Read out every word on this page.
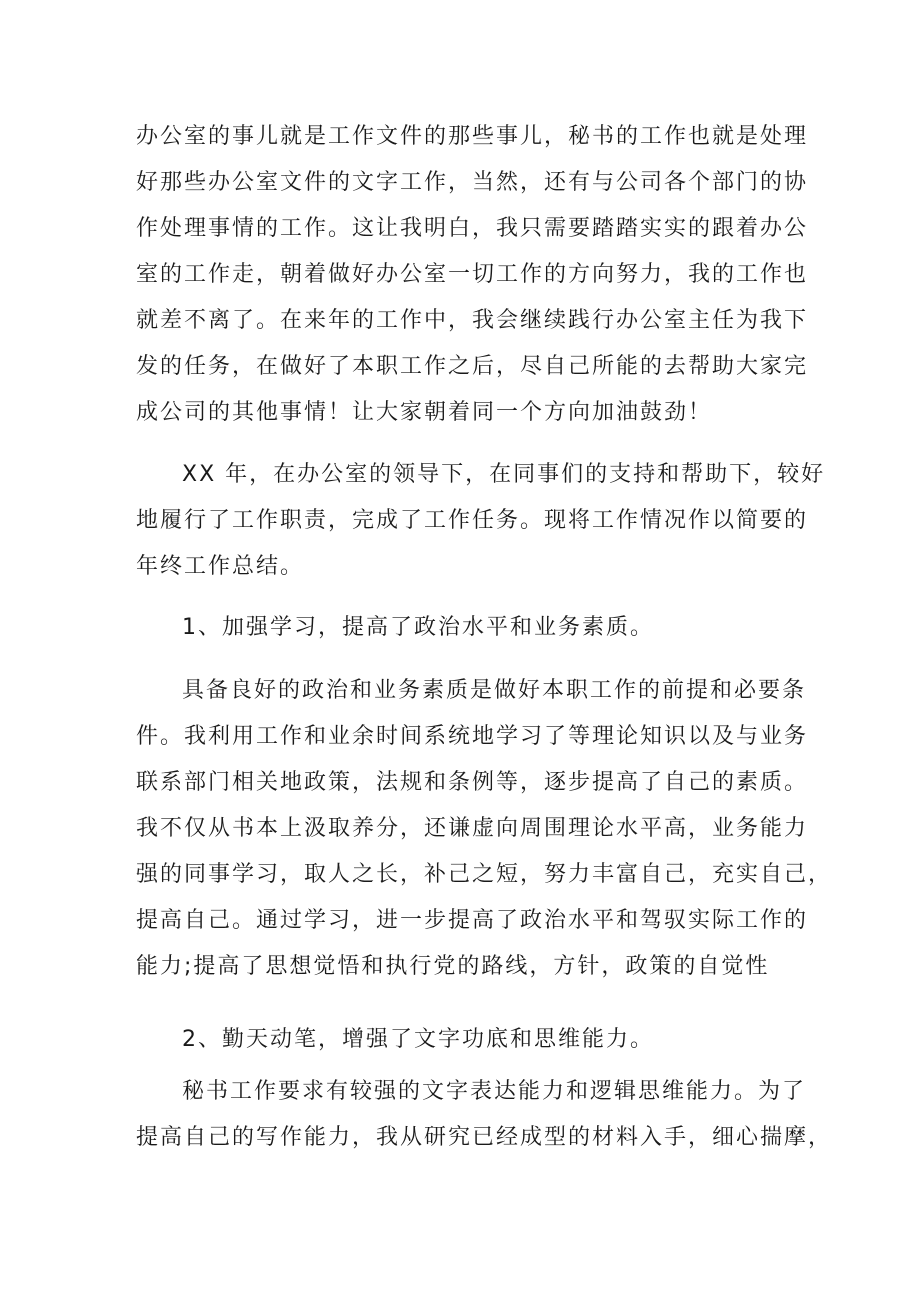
办公室的事儿就是工作文件的那些事儿，秘书的工作也就是处理
好那些办公室文件的文字工作，当然，还有与公司各个部门的协
作处理事情的工作。这让我明白，我只需要踏踏实实的跟着办公
室的工作走，朝着做好办公室一切工作的方向努力，我的工作也
就差不离了。在来年的工作中，我会继续践行办公室主任为我下
发的任务，在做好了本职工作之后，尽自己所能的去帮助大家完
成公司的其他事情！让大家朝着同一个方向加油鼓劲！
XX 年，在办公室的领导下，在同事们的支持和帮助下，较好
地履行了工作职责，完成了工作任务。现将工作情况作以简要的
年终工作总结。
1、加强学习，提高了政治水平和业务素质。
具备良好的政治和业务素质是做好本职工作的前提和必要条
件。我利用工作和业余时间系统地学习了等理论知识以及与业务
联系部门相关地政策，法规和条例等，逐步提高了自己的素质。
我不仅从书本上汲取养分，还谦虚向周围理论水平高，业务能力
强的同事学习，取人之长，补己之短，努力丰富自己，充实自己，
提高自己。通过学习，进一步提高了政治水平和驾驭实际工作的
能力;提高了思想觉悟和执行党的路线，方针，政策的自觉性
2、勤天动笔，增强了文字功底和思维能力。
秘书工作要求有较强的文字表达能力和逻辑思维能力。为了
提高自己的写作能力，我从研究已经成型的材料入手，细心揣摩，
